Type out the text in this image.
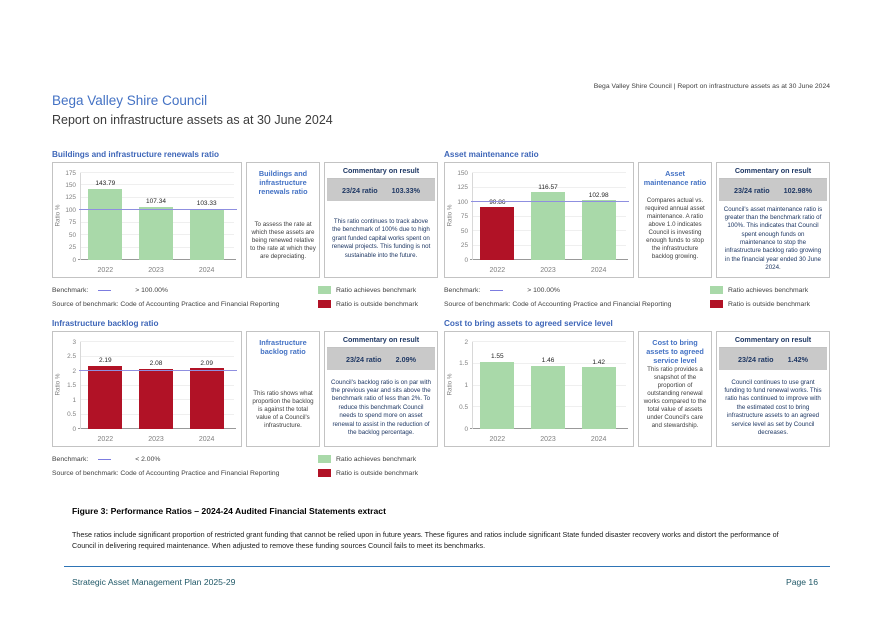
Bega Valley Shire Council | Report on infrastructure assets as at 30 June 2024
Bega Valley Shire Council
Report on infrastructure assets as at 30 June 2024
Buildings and infrastructure renewals ratio
Ratio %
0
25
50
75
100
125
150
175
143.79
2022
107.34
2023
103.33
2024
Buildings and infrastructure renewals ratio
To assess the rate at which these assets are being renewed relative to the rate at which they are depreciating.
Commentary on result
23/24 ratio 103.33%
This ratio continues to track above the benchmark of 100% due to high grant funded capital works spent on renewal projects. This funding is not sustainable into the future.
Benchmark:	> 100.00%	Ratio achieves benchmark
Source of benchmark: Code of Accounting Practice and Financial Reporting	Ratio is outside benchmark
Asset maintenance ratio
Ratio %
0
25
50
75
100
125
150
90.86
2022
116.57
2023
102.98
2024
Asset maintenance ratio
Compares actual vs. required annual asset maintenance. A ratio above 1.0 indicates Council is investing enough funds to stop the infrastructure backlog growing.
Commentary on result
23/24 ratio 102.98%
Council's asset maintenance ratio is greater than the benchmark ratio of 100%. This indicates that Council spent enough funds on maintenance to stop the infrastructure backlog ratio growing in the financial year ended 30 June 2024.
Benchmark:	> 100.00%	Ratio achieves benchmark
Source of benchmark: Code of Accounting Practice and Financial Reporting	Ratio is outside benchmark
Infrastructure backlog ratio
Ratio %
0
0.5
1
1.5
2
2.5
3
2.19
2022
2.08
2023
2.09
2024
Infrastructure backlog ratio
This ratio shows what proportion the backlog is against the total value of a Council's infrastructure.
Commentary on result
23/24 ratio 2.09%
Council's backlog ratio is on par with the previous year and sits above the benchmark ratio of less than 2%. To reduce this benchmark Council needs to spend more on asset renewal to assist in the reduction of the backlog percentage.
Benchmark:	< 2.00%	Ratio achieves benchmark
Source of benchmark: Code of Accounting Practice and Financial Reporting	Ratio is outside benchmark
Cost to bring assets to agreed service level
Ratio %
0
0.5
1
1.5
2
1.55
2022
1.46
2023
1.42
2024
Cost to bring assets to agreed service level
This ratio provides a snapshot of the proportion of outstanding renewal works compared to the total value of assets under Council's care and stewardship.
Commentary on result
23/24 ratio 1.42%
Council continues to use grant funding to fund renewal works. This ratio has continued to improve with the estimated cost to bring infrastructure assets to an agreed service level as set by Council decreases.
Figure 3: Performance Ratios – 2024-24 Audited Financial Statements extract
These ratios include significant proportion of restricted grant funding that cannot be relied upon in future years. These figures and ratios include significant State funded disaster recovery works and distort the performance of Council in delivering required maintenance. When adjusted to remove these funding sources Council fails to meet its benchmarks.
Strategic Asset Management Plan 2025-29	Page 16
